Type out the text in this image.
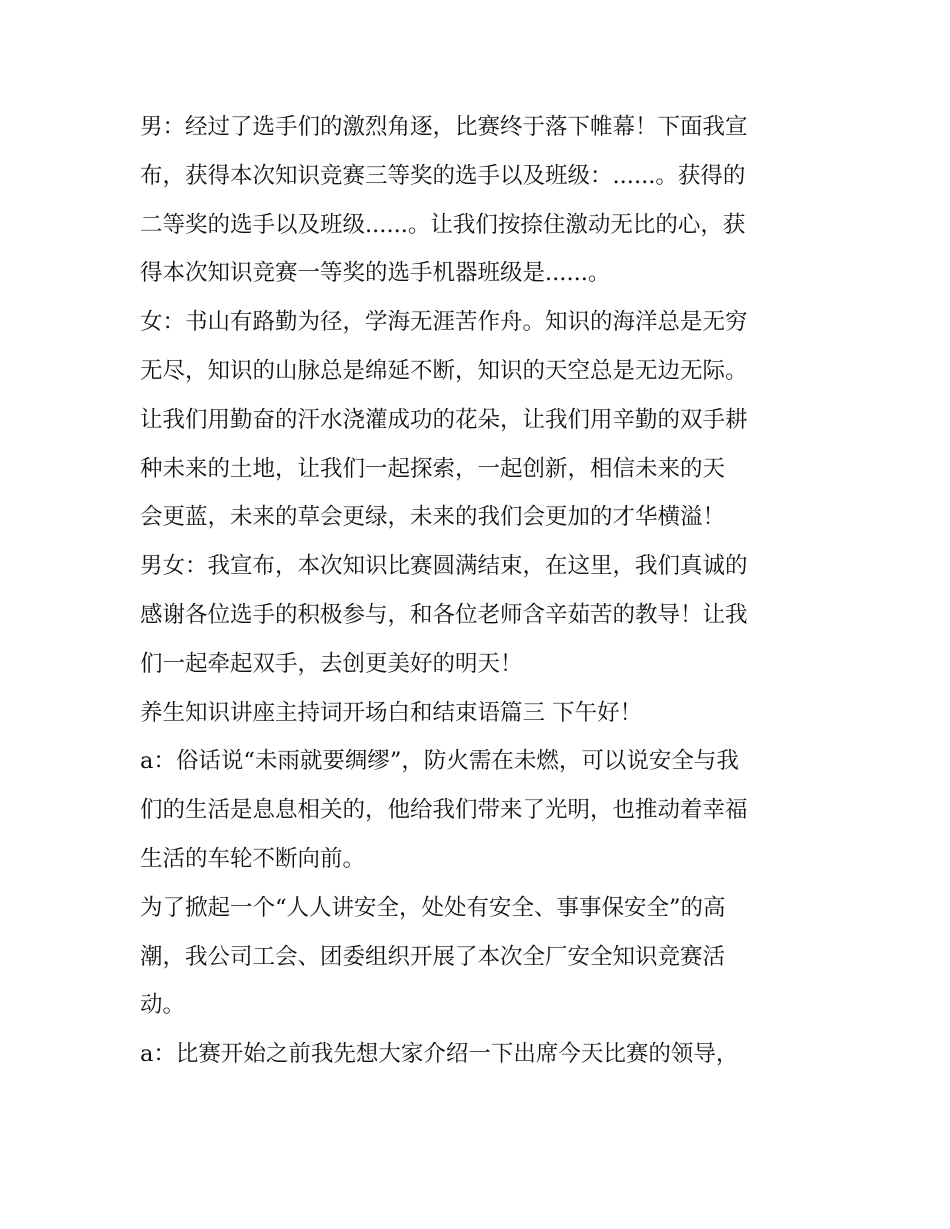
男：经过了选手们的激烈角逐，比赛终于落下帷幕！下面我宣
布，获得本次知识竞赛三等奖的选手以及班级：......。获得的
二等奖的选手以及班级......。让我们按捺住激动无比的心，获
得本次知识竞赛一等奖的选手机器班级是......。
女：书山有路勤为径，学海无涯苦作舟。知识的海洋总是无穷
无尽，知识的山脉总是绵延不断，知识的天空总是无边无际。
让我们用勤奋的汗水浇灌成功的花朵，让我们用辛勤的双手耕
种未来的土地，让我们一起探索，一起创新，相信未来的天
会更蓝，未来的草会更绿，未来的我们会更加的才华横溢！
男女：我宣布，本次知识比赛圆满结束，在这里，我们真诚的
感谢各位选手的积极参与，和各位老师含辛茹苦的教导！让我
们一起牵起双手，去创更美好的明天！
养生知识讲座主持词开场白和结束语篇三 下午好！
a：俗话说“未雨就要绸缪”，防火需在未燃，可以说安全与我
们的生活是息息相关的，他给我们带来了光明，也推动着幸福
生活的车轮不断向前。
为了掀起一个“人人讲安全，处处有安全、事事保安全”的高
潮，我公司工会、团委组织开展了本次全厂安全知识竞赛活
动。
a：比赛开始之前我先想大家介绍一下出席今天比赛的领导，
